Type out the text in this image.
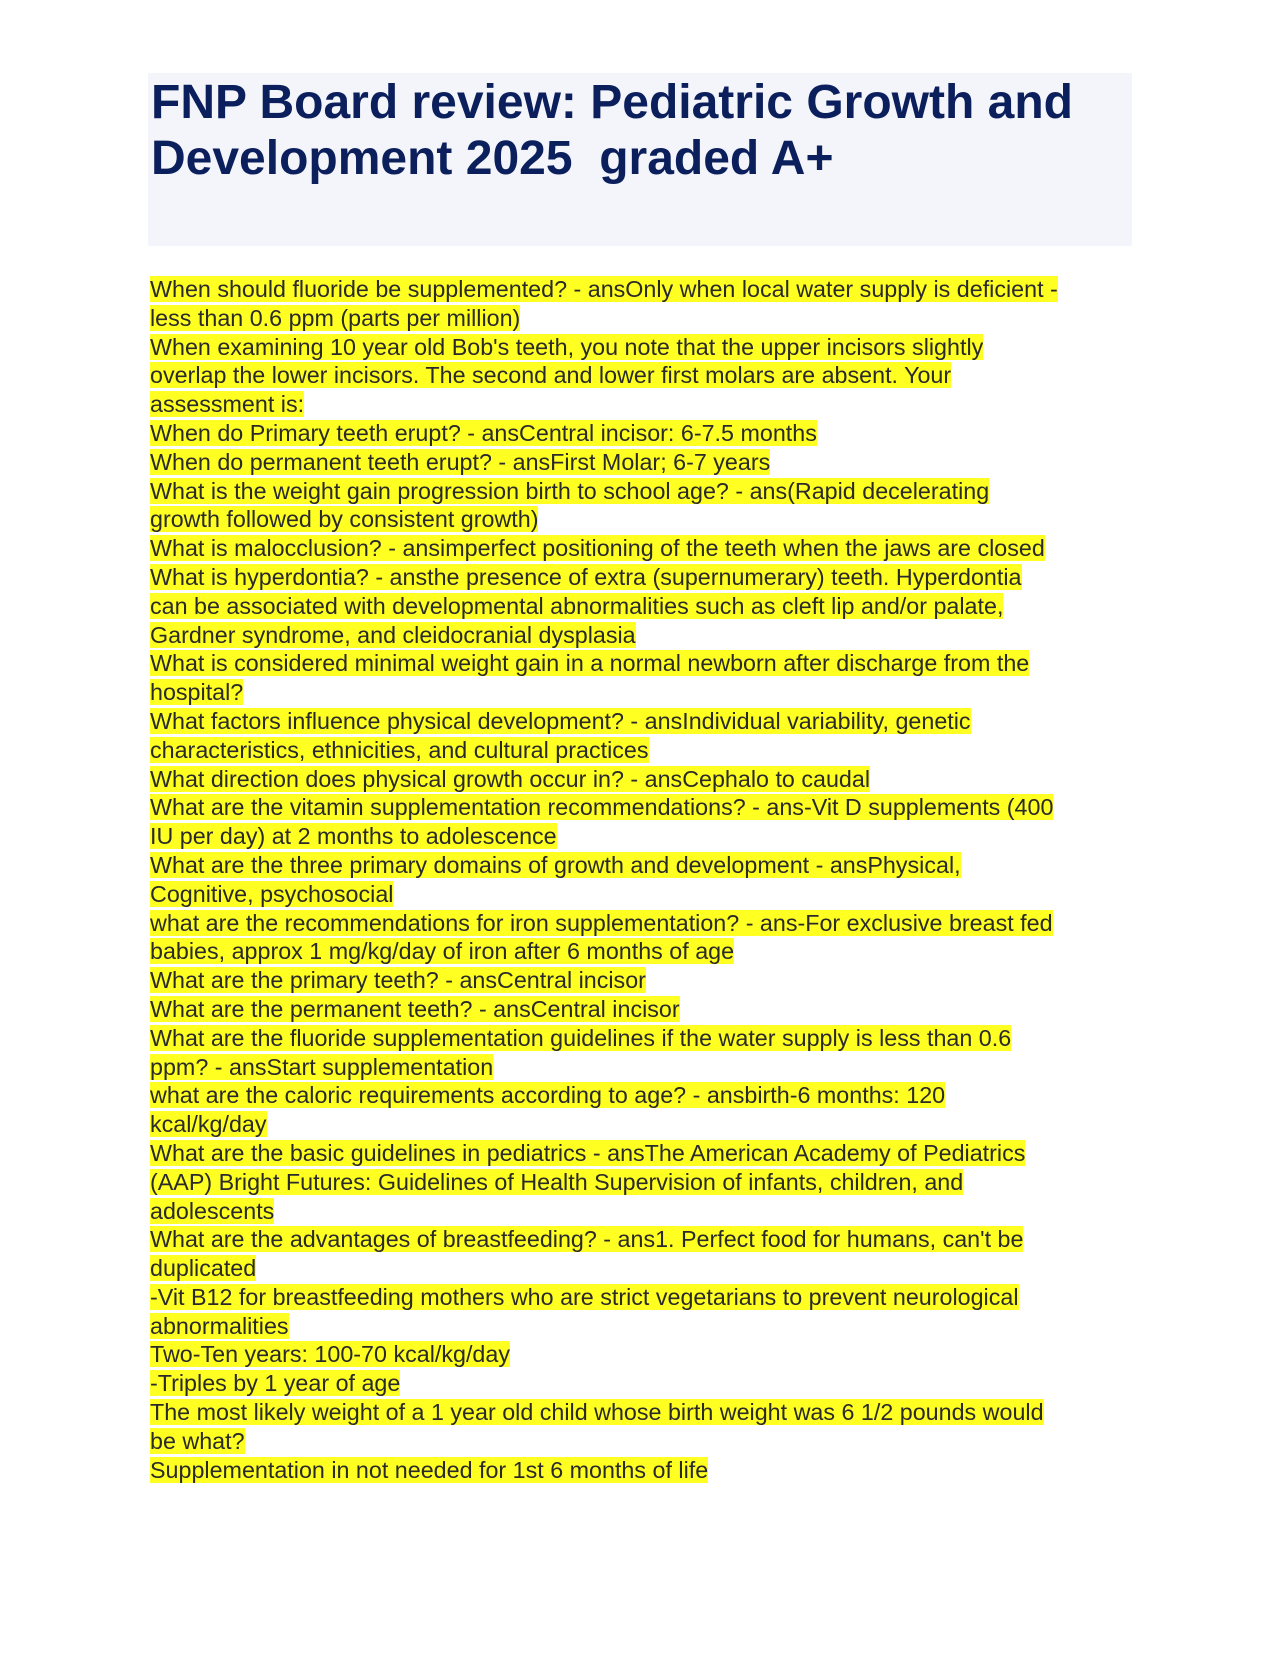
FNP Board review: Pediatric Growth and Development 2025  graded A+
When should fluoride be supplemented? - ansOnly when local water supply is deficient -
less than 0.6 ppm (parts per million)
When examining 10 year old Bob's teeth, you note that the upper incisors slightly
overlap the lower incisors. The second and lower first molars are absent. Your
assessment is:
When do Primary teeth erupt? - ansCentral incisor: 6-7.5 months
When do permanent teeth erupt? - ansFirst Molar; 6-7 years
What is the weight gain progression birth to school age? - ans(Rapid decelerating
growth followed by consistent growth)
What is malocclusion? - ansimperfect positioning of the teeth when the jaws are closed
What is hyperdontia? - ansthe presence of extra (supernumerary) teeth. Hyperdontia
can be associated with developmental abnormalities such as cleft lip and/or palate,
Gardner syndrome, and cleidocranial dysplasia
What is considered minimal weight gain in a normal newborn after discharge from the
hospital?
What factors influence physical development? - ansIndividual variability, genetic
characteristics, ethnicities, and cultural practices
What direction does physical growth occur in? - ansCephalo to caudal
What are the vitamin supplementation recommendations? - ans-Vit D supplements (400
IU per day) at 2 months to adolescence
What are the three primary domains of growth and development - ansPhysical,
Cognitive, psychosocial
what are the recommendations for iron supplementation? - ans-For exclusive breast fed
babies, approx 1 mg/kg/day of iron after 6 months of age
What are the primary teeth? - ansCentral incisor
What are the permanent teeth? - ansCentral incisor
What are the fluoride supplementation guidelines if the water supply is less than 0.6
ppm? - ansStart supplementation
what are the caloric requirements according to age? - ansbirth-6 months: 120
kcal/kg/day
What are the basic guidelines in pediatrics - ansThe American Academy of Pediatrics
(AAP) Bright Futures: Guidelines of Health Supervision of infants, children, and
adolescents
What are the advantages of breastfeeding? - ans1. Perfect food for humans, can't be
duplicated
-Vit B12 for breastfeeding mothers who are strict vegetarians to prevent neurological
abnormalities
Two-Ten years: 100-70 kcal/kg/day
-Triples by 1 year of age
The most likely weight of a 1 year old child whose birth weight was 6 1/2 pounds would
be what?
Supplementation in not needed for 1st 6 months of life
